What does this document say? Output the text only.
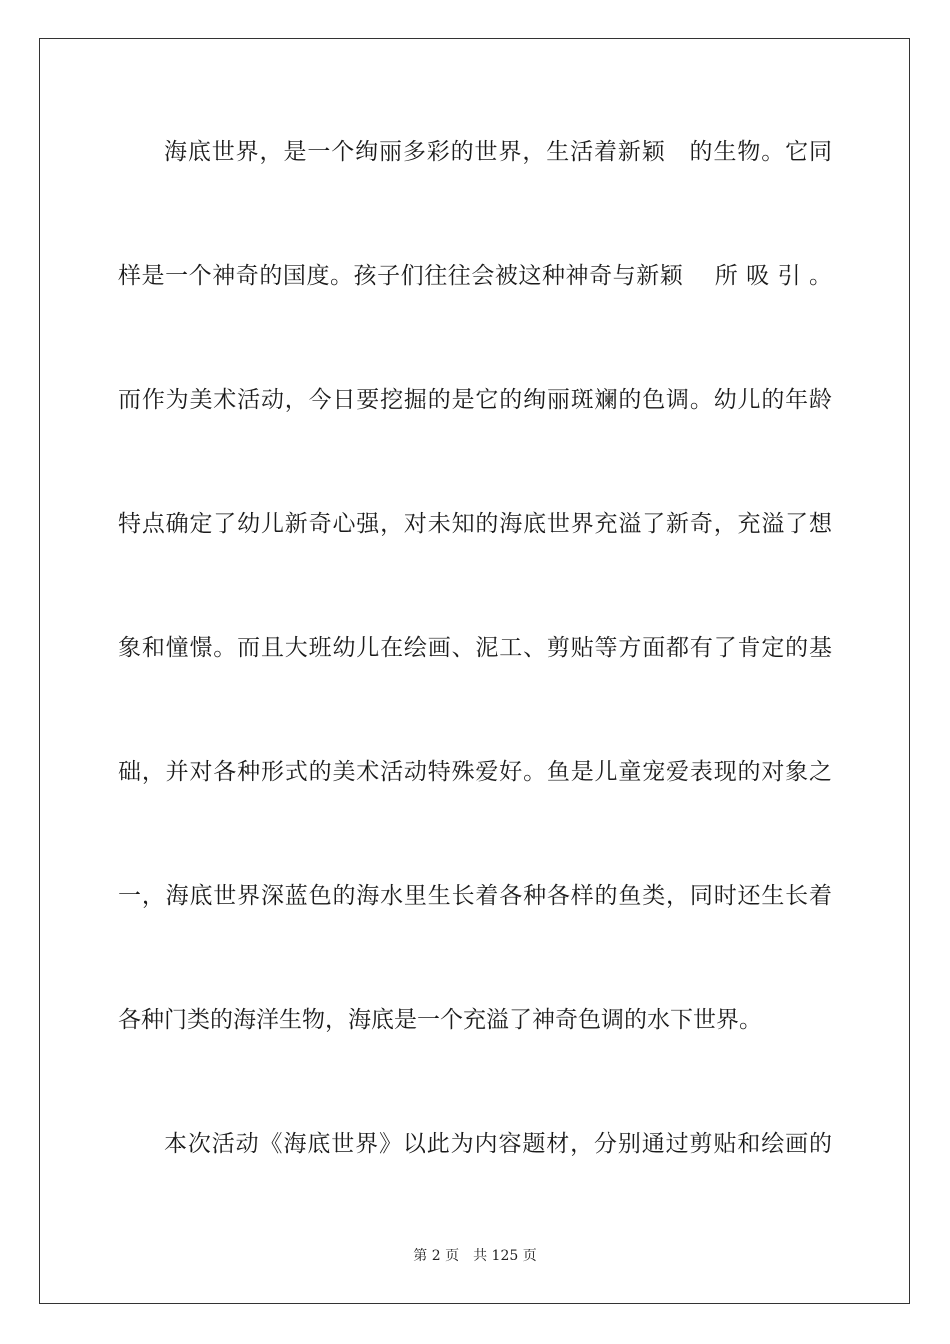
海底世界，是一个绚丽多彩的世界，生活着新颖　的生物。它同
样是一个神奇的国度。孩子们往往会被这种神奇与新颖　 所 吸 引 。
而作为美术活动，今日要挖掘的是它的绚丽斑斓的色调。幼儿的年龄
特点确定了幼儿新奇心强，对未知的海底世界充溢了新奇，充溢了想
象和憧憬。而且大班幼儿在绘画、泥工、剪贴等方面都有了肯定的基
础，并对各种形式的美术活动特殊爱好。鱼是儿童宠爱表现的对象之
一，海底世界深蓝色的海水里生长着各种各样的鱼类，同时还生长着
各种门类的海洋生物，海底是一个充溢了神奇色调的水下世界。
本次活动《海底世界》以此为内容题材，分别通过剪贴和绘画的
第 2 页　共 125 页
